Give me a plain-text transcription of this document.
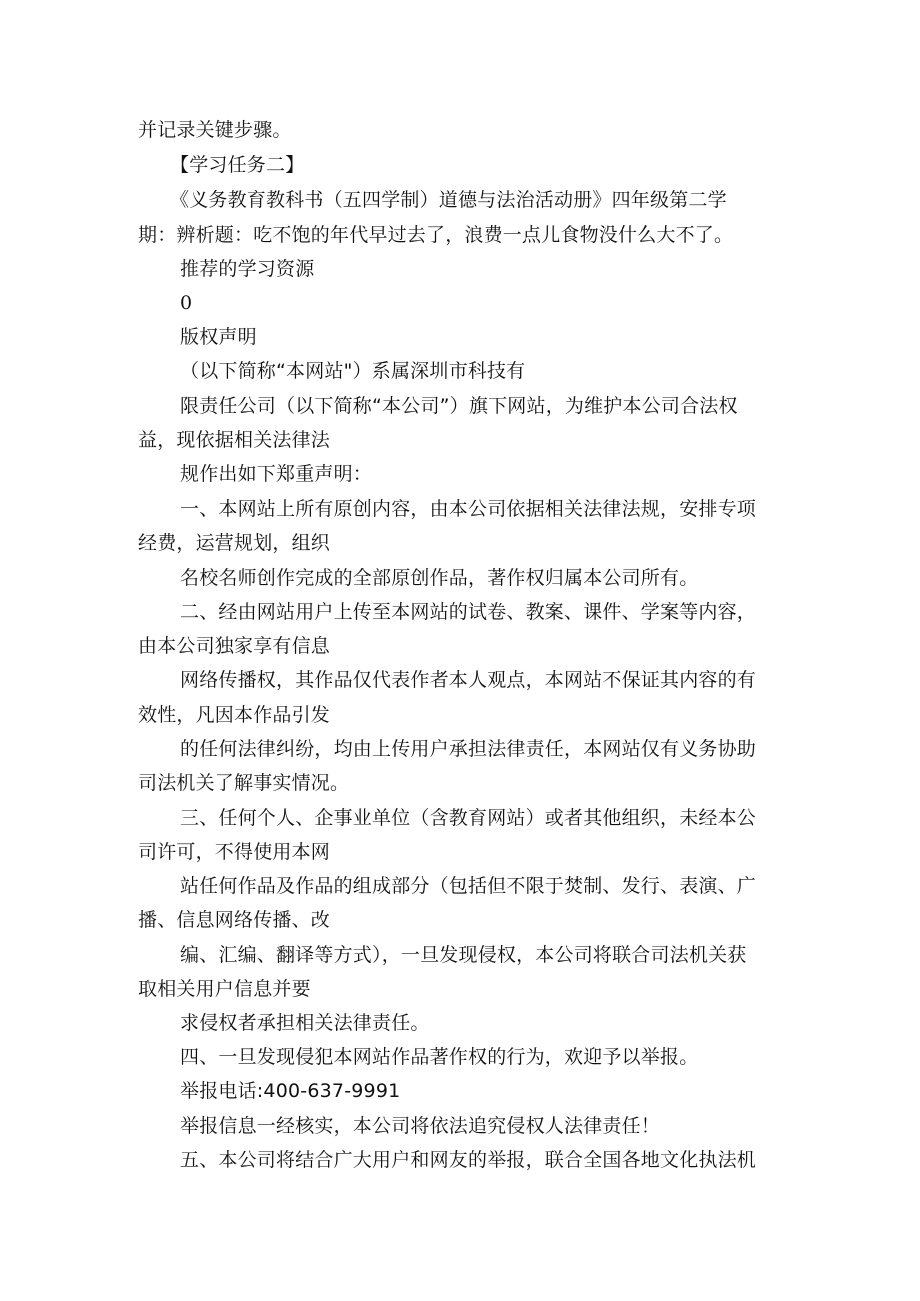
并记录关键步骤。
【学习任务二】
《义务教育教科书（五四学制）道德与法治活动册》四年级第二学
期：辨析题：吃不饱的年代早过去了，浪费一点儿食物没什么大不了。
推荐的学习资源
0
版权声明
（以下简称“本网站"）系属深圳市科技有
限责任公司（以下简称“本公司”）旗下网站，为维护本公司合法权
益，现依据相关法律法
规作出如下郑重声明：
一、本网站上所有原创内容，由本公司依据相关法律法规，安排专项
经费，运营规划，组织
名校名师创作完成的全部原创作品，著作权归属本公司所有。
二、经由网站用户上传至本网站的试卷、教案、课件、学案等内容，
由本公司独家享有信息
网络传播权，其作品仅代表作者本人观点，本网站不保证其内容的有
效性，凡因本作品引发
的任何法律纠纷，均由上传用户承担法律责任，本网站仅有义务协助
司法机关了解事实情况。
三、任何个人、企事业单位（含教育网站）或者其他组织，未经本公
司许可，不得使用本网
站任何作品及作品的组成部分（包括但不限于焚制、发行、表演、广
播、信息网络传播、改
编、汇编、翻译等方式），一旦发现侵权，本公司将联合司法机关获
取相关用户信息并要
求侵权者承担相关法律责任。
四、一旦发现侵犯本网站作品著作权的行为，欢迎予以举报。
举报电话:400-637-9991
举报信息一经核实，本公司将依法追究侵权人法律责任！
五、本公司将结合广大用户和网友的举报，联合全国各地文化执法机
